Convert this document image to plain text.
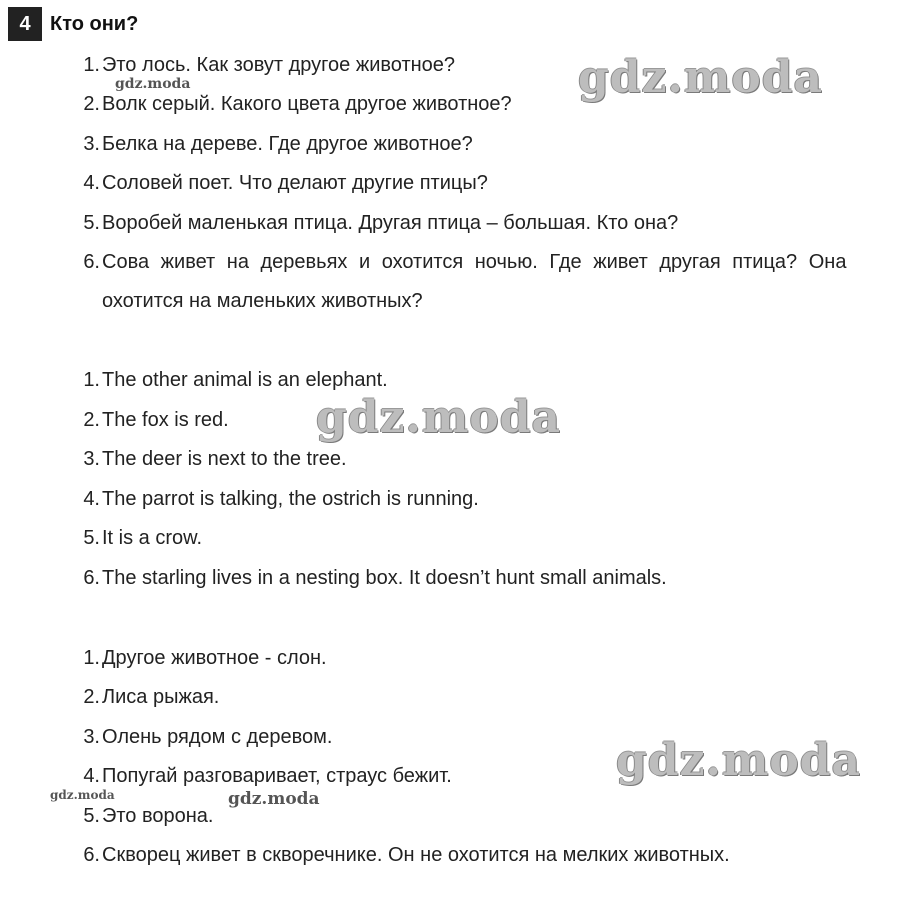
4 Кто они?
1. Это лось. Как зовут другое животное?
2. Волк серый. Какого цвета другое животное?
3. Белка на дереве. Где другое животное?
4. Соловей поет. Что делают другие птицы?
5. Воробей маленькая птица. Другая птица – большая. Кто она?
6. Сова живет на деревьях и охотится ночью. Где живет другая птица? Она
охотится на маленьких животных?
1. The other animal is an elephant.
2. The fox is red.
3. The deer is next to the tree.
4. The parrot is talking, the ostrich is running.
5. It is a crow.
6. The starling lives in a nesting box. It doesn’t hunt small animals.
1. Другое животное - слон.
2. Лиса рыжая.
3. Олень рядом с деревом.
4. Попугай разговаривает, страус бежит.
5. Это ворона.
6. Скворец живет в скворечнике. Он не охотится на мелких животных.
gdz.moda
gdz.moda
gdz.moda
gdz.moda
gdz.moda	gdz.moda
